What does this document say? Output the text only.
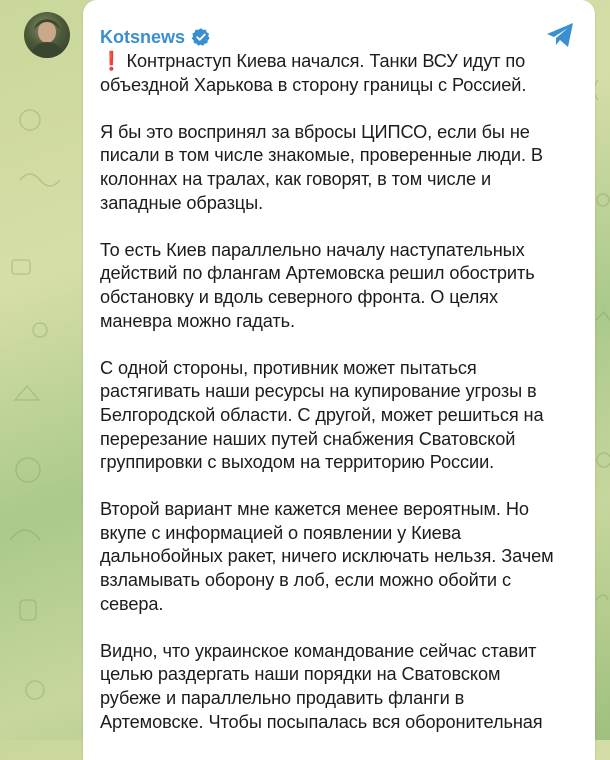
Kotsnews

❗ Контрнаступ Киева начался. Танки ВСУ идут по
объездной Харькова в сторону границы с Россией.

Я бы это воспринял за вбросы ЦИПСО, если бы не
писали в том числе знакомые, проверенные люди. В
колоннах на тралах, как говорят, в том числе и
западные образцы.

То есть Киев параллельно началу наступательных
действий по флангам Артемовска решил обострить
обстановку и вдоль северного фронта. О целях
маневра можно гадать.

С одной стороны, противник может пытаться
растягивать наши ресурсы на купирование угрозы в
Белгородской области. С другой, может решиться на
перерезание наших путей снабжения Сватовской
группировки с выходом на территорию России.

Второй вариант мне кажется менее вероятным. Но
вкупе с информацией о появлении у Киева
дальнобойных ракет, ничего исключать нельзя. Зачем
взламывать оборону в лоб, если можно обойти с
севера.

Видно, что украинское командование сейчас ставит
целью раздергать наши порядки на Сватовском
рубеже и параллельно продавить фланги в
Артемовске. Чтобы посыпалась вся оборонительная
